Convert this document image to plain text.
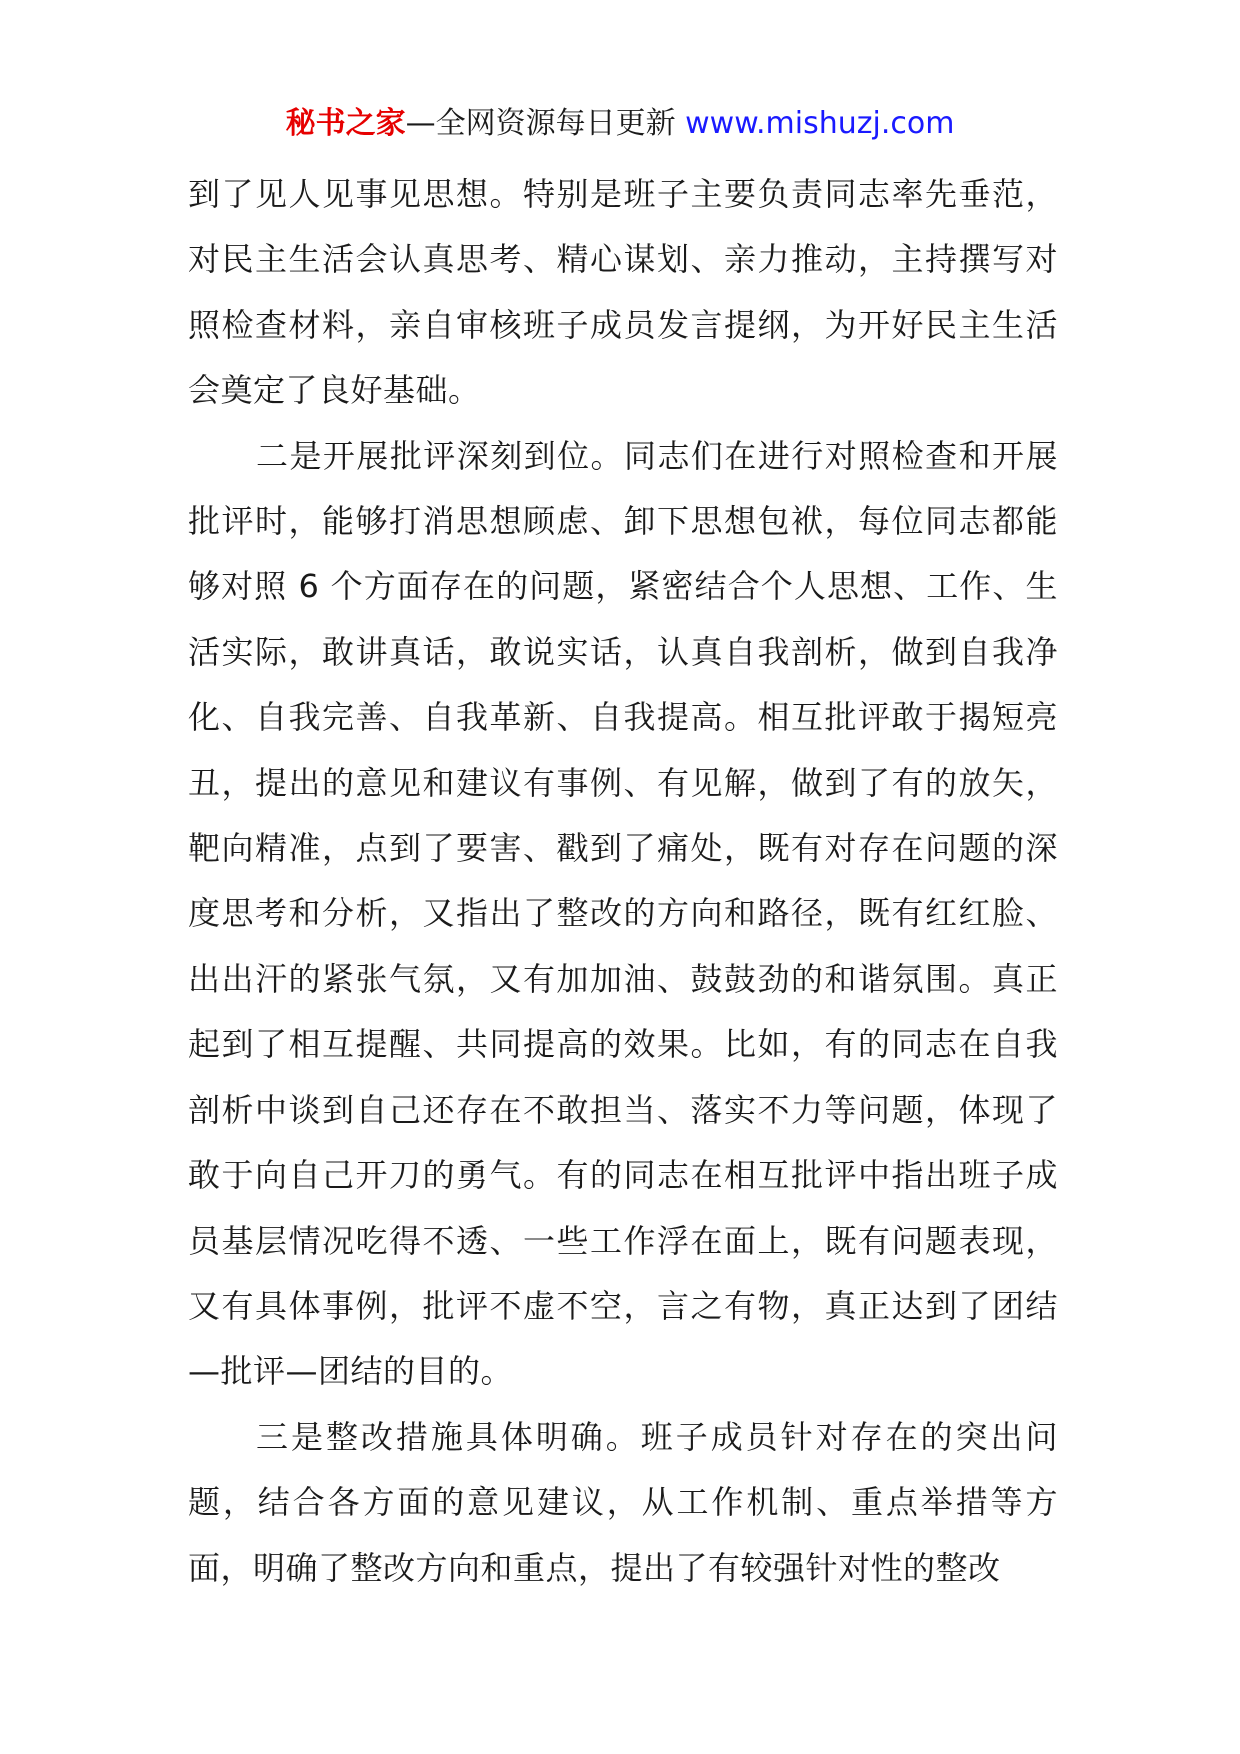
秘书之家—全网资源每日更新 www.mishuzj.com

到了见人见事见思想。特别是班子主要负责同志率先垂范，对民主生活会认真思考、精心谋划、亲力推动，主持撰写对照检查材料，亲自审核班子成员发言提纲，为开好民主生活会奠定了良好基础。

二是开展批评深刻到位。同志们在进行对照检查和开展批评时，能够打消思想顾虑、卸下思想包袱，每位同志都能够对照 6 个方面存在的问题，紧密结合个人思想、工作、生活实际，敢讲真话，敢说实话，认真自我剖析，做到自我净化、自我完善、自我革新、自我提高。相互批评敢于揭短亮丑，提出的意见和建议有事例、有见解，做到了有的放矢，靶向精准，点到了要害、戳到了痛处，既有对存在问题的深度思考和分析，又指出了整改的方向和路径，既有红红脸、出出汗的紧张气氛，又有加加油、鼓鼓劲的和谐氛围。真正起到了相互提醒、共同提高的效果。比如，有的同志在自我剖析中谈到自己还存在不敢担当、落实不力等问题，体现了敢于向自己开刀的勇气。有的同志在相互批评中指出班子成员基层情况吃得不透、一些工作浮在面上，既有问题表现，又有具体事例，批评不虚不空，言之有物，真正达到了团结—批评—团结的目的。

三是整改措施具体明确。班子成员针对存在的突出问题，结合各方面的意见建议，从工作机制、重点举措等方面，明确了整改方向和重点，提出了有较强针对性的整改
